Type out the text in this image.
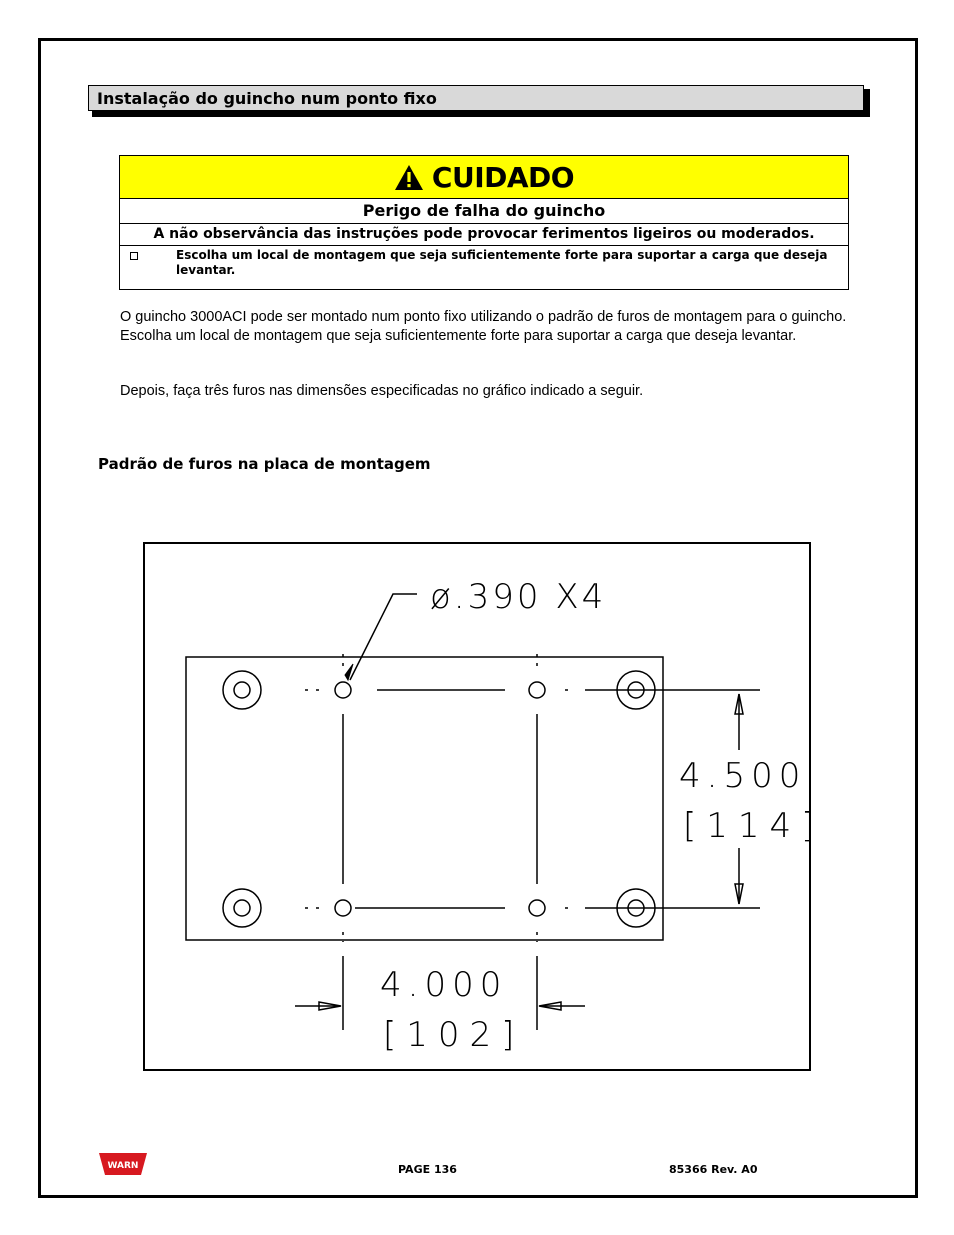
Instalação do guincho num ponto fixo
CUIDADO
Perigo de falha do guincho
A não observância das instruções pode provocar ferimentos ligeiros ou moderados.
Escolha um local de montagem que seja suficientemente forte para suportar a carga que deseja levantar.
O guincho 3000ACI pode ser montado num ponto fixo utilizando o padrão de furos de montagem para o guincho. Escolha um local de montagem que seja suficientemente forte para suportar a carga que deseja levantar.
Depois, faça três furos nas dimensões especificadas no gráfico indicado a seguir.
Padrão de furos na placa de montagem
ø.390 X4
4.500
[114]
4.000
[102]
WARN	PAGE 136	85366 Rev. A0
